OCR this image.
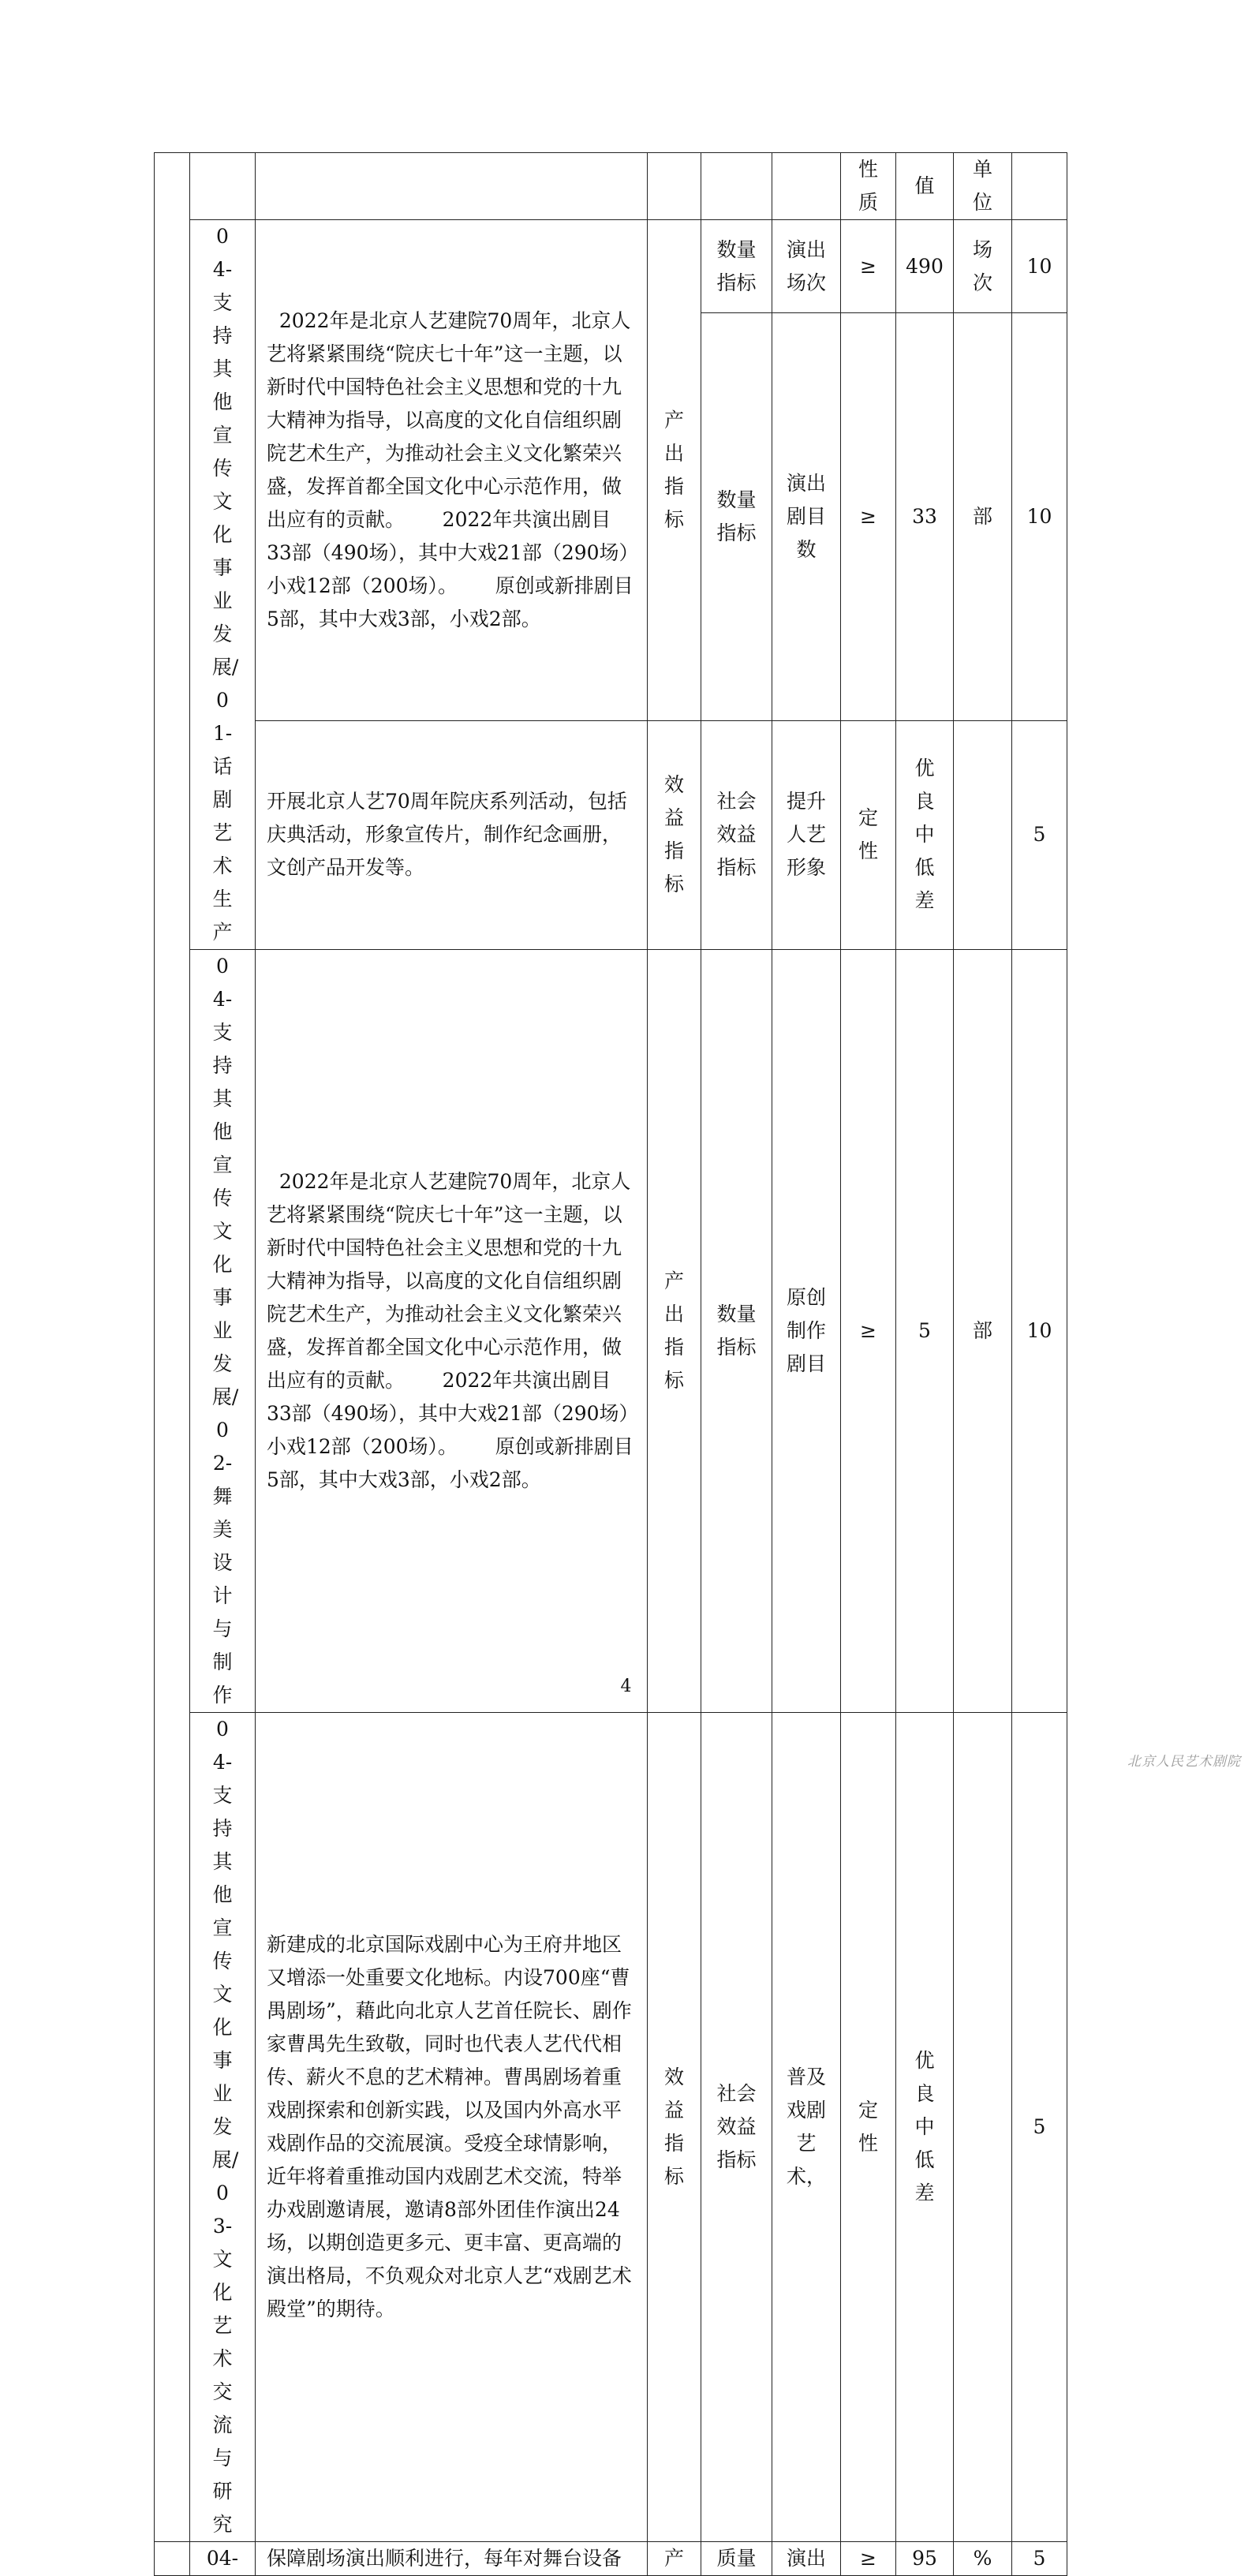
						性质	值	单位	
	04-支持其他宣传文化事业发展/01-话剧艺术生产	2022年是北京人艺建院70周年，北京人艺将紧紧围绕“院庆七十年”这一主题，以新时代中国特色社会主义思想和党的十九大精神为指导，以高度的文化自信组织剧院艺术生产，为推动社会主义文化繁荣兴盛，发挥首都全国文化中心示范作用，做出应有的贡献。      2022年共演出剧目33部（490场），其中大戏21部（290场）小戏12部（200场）。      原创或新排剧目5部，其中大戏3部，小戏2部。	产出指标	数量指标	演出场次	≥	490	场次	10
				数量指标	演出剧目数	≥	33	部	10

		开展北京人艺70周年院庆系列活动，包括庆典活动，形象宣传片，制作纪念画册，文创产品开发等。	效益指标	社会效益指标	提升人艺形象	定性	优良中低差		5
	04-支持其他宣传文化事业发展/02-舞美设计与制作	2022年是北京人艺建院70周年，北京人艺将紧紧围绕“院庆七十年”这一主题，以新时代中国特色社会主义思想和党的十九大精神为指导，以高度的文化自信组织剧院艺术生产，为推动社会主义文化繁荣兴盛，发挥首都全国文化中心示范作用，做出应有的贡献。      2022年共演出剧目33部（490场），其中大戏21部（290场）小戏12部（200场）。      原创或新排剧目5部，其中大戏3部，小戏2部。	产出指标	数量指标	原创制作剧目	≥	5	部	10
	04-支持其他宣传文化事业发展/03-文化艺术交流与研究	新建成的北京国际戏剧中心为王府井地区又增添一处重要文化地标。内设700座“曹禺剧场”，藉此向北京人艺首任院长、剧作家曹禺先生致敬，同时也代表人艺代代相传、薪火不息的艺术精神。曹禺剧场着重戏剧探索和创新实践，以及国内外高水平戏剧作品的交流展演。受疫全球情影响，近年将着重推动国内戏剧艺术交流，特举办戏剧邀请展，邀请8部外团佳作演出24场，以期创造更多元、更丰富、更高端的演出格局，不负观众对北京人艺“戏剧艺术殿堂”的期待。	效益指标	社会效益指标	普及戏剧艺术，	定性	优良中低差		5
	04-	保障剧场演出顺利进行，每年对舞台设备	产	质量	演出	≥	95	%	5
4
北京人民艺术剧院
